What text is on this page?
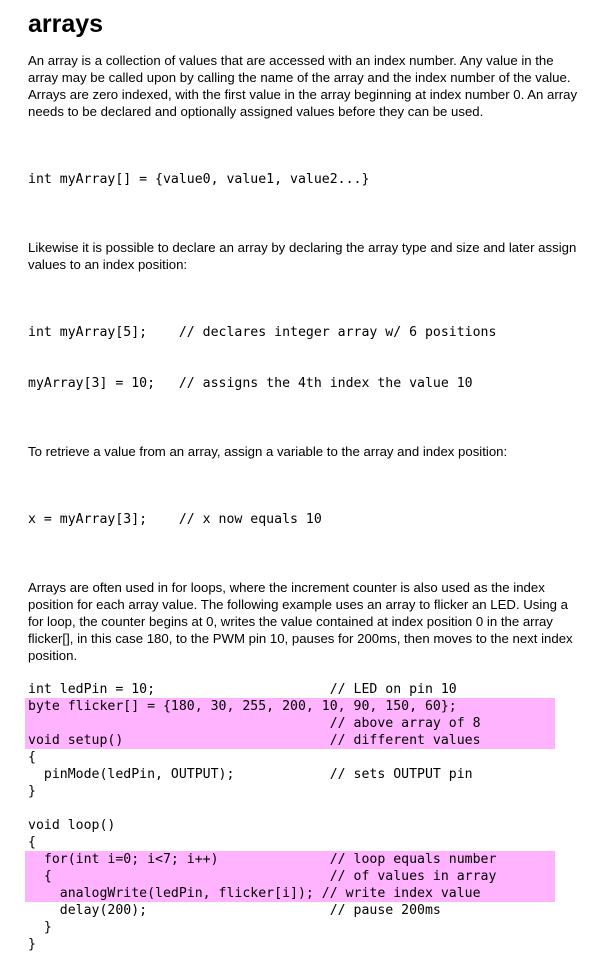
arrays

An array is a collection of values that are accessed with an index number. Any value in the array may be called upon by calling the name of the array and the index number of the value. Arrays are zero indexed, with the first value in the array beginning at index number 0. An array needs to be declared and optionally assigned values before they can be used.

int myArray[] = {value0, value1, value2...}

Likewise it is possible to declare an array by declaring the array type and size and later assign values to an index position:

int myArray[5];    // declares integer array w/ 6 positions

myArray[3] = 10;   // assigns the 4th index the value 10

To retrieve a value from an array, assign a variable to the array and index position:

x = myArray[3];    // x now equals 10

Arrays are often used in for loops, where the increment counter is also used as the index position for each array value. The following example uses an array to flicker an LED. Using a for loop, the counter begins at 0, writes the value contained at index position 0 in the array flicker[], in this case 180, to the PWM pin 10, pauses for 200ms, then moves to the next index position.

int ledPin = 10;                      // LED on pin 10
byte flicker[] = {180, 30, 255, 200, 10, 90, 150, 60};
// above array of 8
void setup()                          // different values
{
pinMode(ledPin, OUTPUT);            // sets OUTPUT pin
}
void loop()
{
for(int i=0; i<7; i++)              // loop equals number
{                                   // of values in array
analogWrite(ledPin, flicker[i]); // write index value
delay(200);                       // pause 200ms
}
}
